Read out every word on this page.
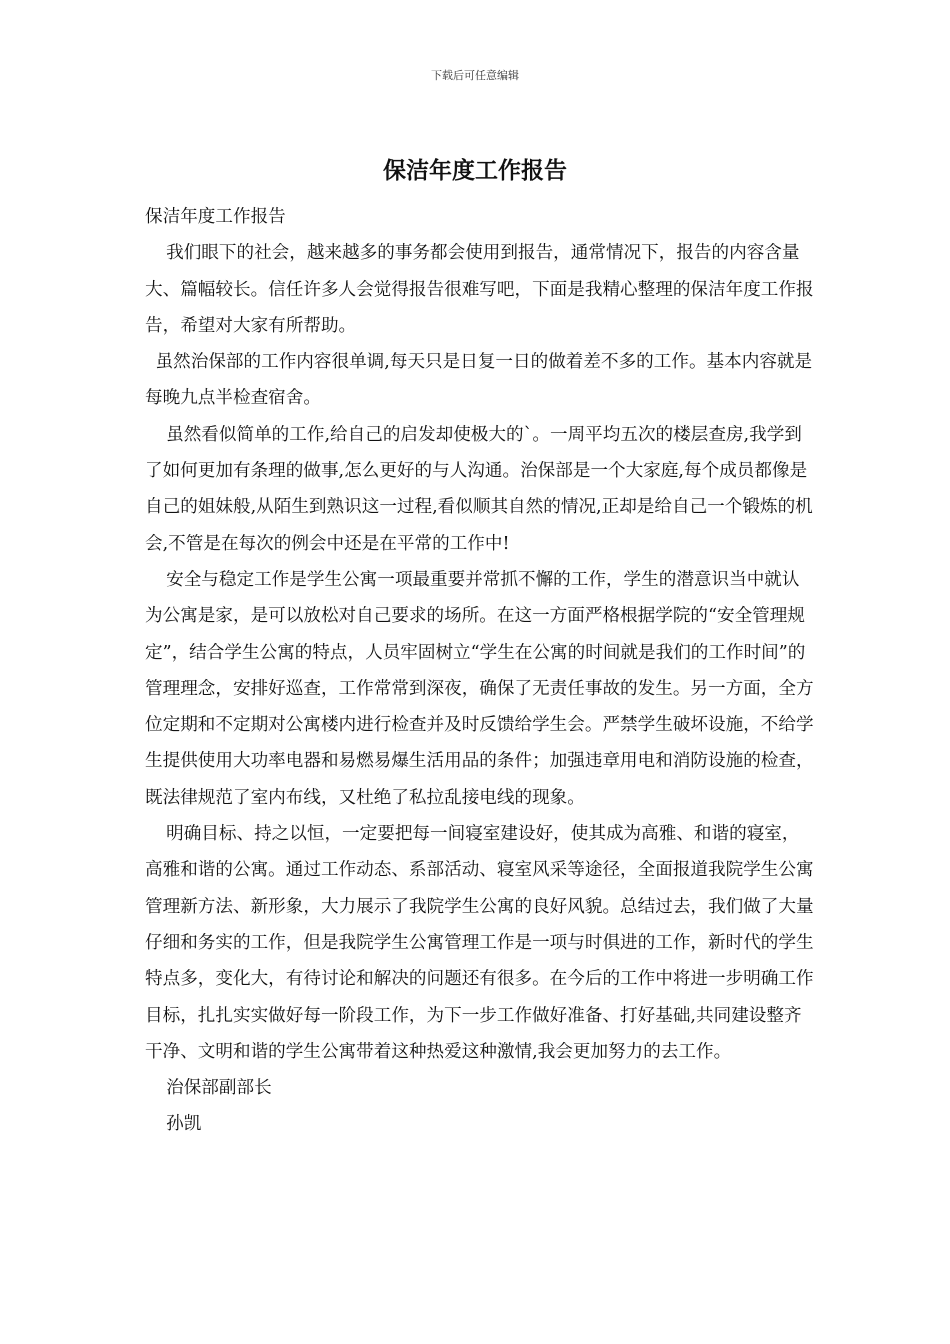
下载后可任意编辑
保洁年度工作报告

保洁年度工作报告

我们眼下的社会，越来越多的事务都会使用到报告，通常情况下，报告的内容含量大、篇幅较长。信任许多人会觉得报告很难写吧，下面是我精心整理的保洁年度工作报告，希望对大家有所帮助。

虽然治保部的工作内容很单调,每天只是日复一日的做着差不多的工作。基本内容就是每晚九点半检查宿舍。

虽然看似简单的工作,给自己的启发却使极大的`。一周平均五次的楼层查房,我学到了如何更加有条理的做事,怎么更好的与人沟通。治保部是一个大家庭,每个成员都像是自己的姐妹般,从陌生到熟识这一过程,看似顺其自然的情况,正却是给自己一个锻炼的机会,不管是在每次的例会中还是在平常的工作中!

安全与稳定工作是学生公寓一项最重要并常抓不懈的工作，学生的潜意识当中就认为公寓是家，是可以放松对自己要求的场所。在这一方面严格根据学院的“安全管理规定”，结合学生公寓的特点，人员牢固树立“学生在公寓的时间就是我们的工作时间”的管理理念，安排好巡查，工作常常到深夜，确保了无责任事故的发生。另一方面，全方位定期和不定期对公寓楼内进行检查并及时反馈给学生会。严禁学生破坏设施，不给学生提供使用大功率电器和易燃易爆生活用品的条件；加强违章用电和消防设施的检查，既法律规范了室内布线，又杜绝了私拉乱接电线的现象。

明确目标、持之以恒，一定要把每一间寝室建设好，使其成为高雅、和谐的寝室，高雅和谐的公寓。通过工作动态、系部活动、寝室风采等途径，全面报道我院学生公寓管理新方法、新形象，大力展示了我院学生公寓的良好风貌。总结过去，我们做了大量仔细和务实的工作，但是我院学生公寓管理工作是一项与时俱进的工作，新时代的学生特点多，变化大，有待讨论和解决的问题还有很多。在今后的工作中将进一步明确工作目标，扎扎实实做好每一阶段工作，为下一步工作做好准备、打好基础,共同建设整齐干净、文明和谐的学生公寓带着这种热爱这种激情,我会更加努力的去工作。

治保部副部长

孙凯
